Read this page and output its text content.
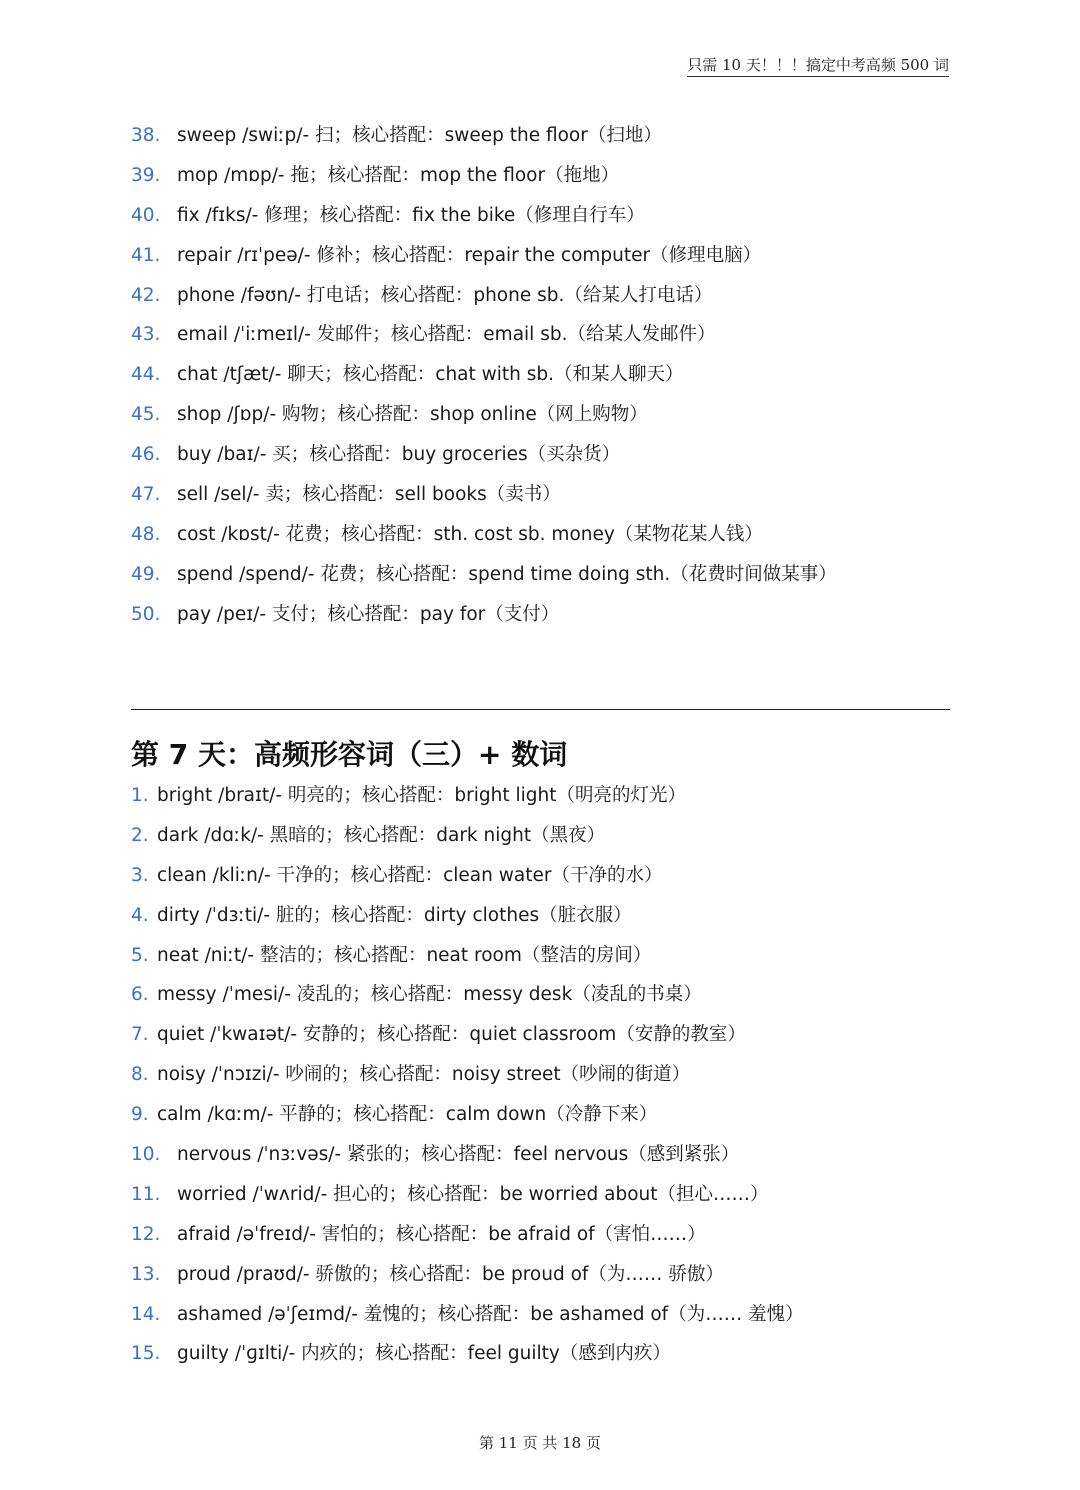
只需 10 天！！！搞定中考高频 500 词
38. sweep /swiːp/- 扫；核心搭配：sweep the floor（扫地）
39. mop /mɒp/- 拖；核心搭配：mop the floor（拖地）
40. fix /fɪks/- 修理；核心搭配：fix the bike（修理自行车）
41. repair /rɪˈpeə/- 修补；核心搭配：repair the computer（修理电脑）
42. phone /fəʊn/- 打电话；核心搭配：phone sb.（给某人打电话）
43. email /ˈiːmeɪl/- 发邮件；核心搭配：email sb.（给某人发邮件）
44. chat /tʃæt/- 聊天；核心搭配：chat with sb.（和某人聊天）
45. shop /ʃɒp/- 购物；核心搭配：shop online（网上购物）
46. buy /baɪ/- 买；核心搭配：buy groceries（买杂货）
47. sell /sel/- 卖；核心搭配：sell books（卖书）
48. cost /kɒst/- 花费；核心搭配：sth. cost sb. money（某物花某人钱）
49. spend /spend/- 花费；核心搭配：spend time doing sth.（花费时间做某事）
50. pay /peɪ/- 支付；核心搭配：pay for（支付）
第 7 天：高频形容词（三）+ 数词
1. bright /braɪt/- 明亮的；核心搭配：bright light（明亮的灯光）
2. dark /dɑːk/- 黑暗的；核心搭配：dark night（黑夜）
3. clean /kliːn/- 干净的；核心搭配：clean water（干净的水）
4. dirty /ˈdɜːti/- 脏的；核心搭配：dirty clothes（脏衣服）
5. neat /niːt/- 整洁的；核心搭配：neat room（整洁的房间）
6. messy /ˈmesi/- 凌乱的；核心搭配：messy desk（凌乱的书桌）
7. quiet /ˈkwaɪət/- 安静的；核心搭配：quiet classroom（安静的教室）
8. noisy /ˈnɔɪzi/- 吵闹的；核心搭配：noisy street（吵闹的街道）
9. calm /kɑːm/- 平静的；核心搭配：calm down（冷静下来）
10. nervous /ˈnɜːvəs/- 紧张的；核心搭配：feel nervous（感到紧张）
11. worried /ˈwʌrid/- 担心的；核心搭配：be worried about（担心……）
12. afraid /əˈfreɪd/- 害怕的；核心搭配：be afraid of（害怕……）
13. proud /praʊd/- 骄傲的；核心搭配：be proud of（为…… 骄傲）
14. ashamed /əˈʃeɪmd/- 羞愧的；核心搭配：be ashamed of（为…… 羞愧）
15. guilty /ˈɡɪlti/- 内疚的；核心搭配：feel guilty（感到内疚）
第 11 页 共 18 页
